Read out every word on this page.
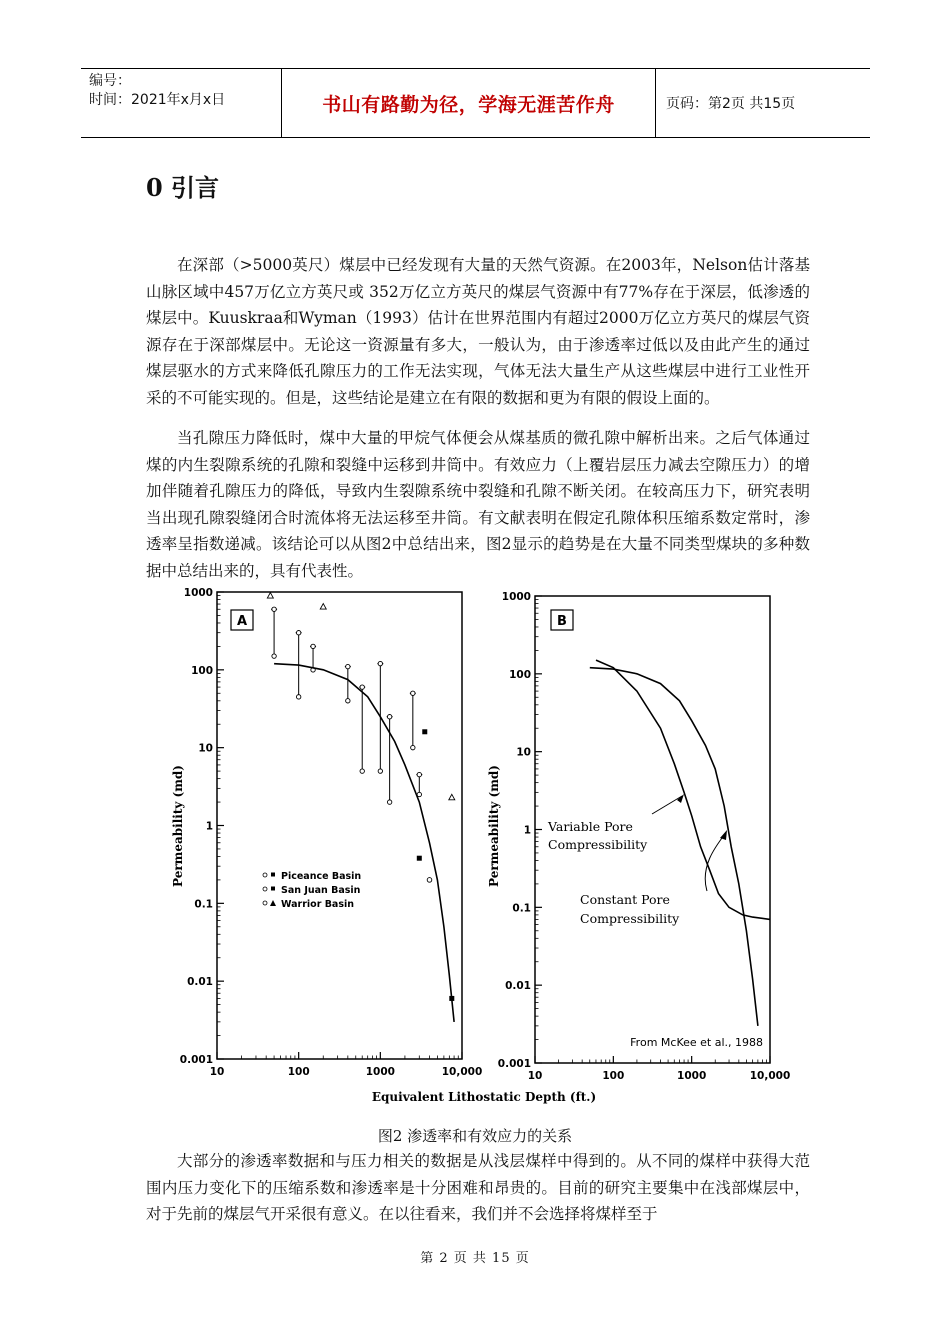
编号：
时间：2021年x月x日	书山有路勤为径，学海无涯苦作舟	页码：第2页 共15页
0 引言

在深部（>5000英尺）煤层中已经发现有大量的天然气资源。在2003年，Nelson估计落基山脉区域中457万亿立方英尺或 352万亿立方英尺的煤层气资源中有77%存在于深层，低渗透的煤层中。Kuuskraa和Wyman（1993）估计在世界范围内有超过2000万亿立方英尺的煤层气资源存在于深部煤层中。无论这一资源量有多大，一般认为，由于渗透率过低以及由此产生的通过煤层驱水的方式来降低孔隙压力的工作无法实现，气体无法大量生产从这些煤层中进行工业性开采的不可能实现的。但是，这些结论是建立在有限的数据和更为有限的假设上面的。

当孔隙压力降低时，煤中大量的甲烷气体便会从煤基质的微孔隙中解析出来。之后气体通过煤的内生裂隙系统的孔隙和裂缝中运移到井筒中。有效应力（上覆岩层压力减去空隙压力）的增加伴随着孔隙压力的降低，导致内生裂隙系统中裂缝和孔隙不断关闭。在较高压力下，研究表明当出现孔隙裂缝闭合时流体将无法运移至井筒。有文献表明在假定孔隙体积压缩系数定常时，渗透率呈指数递减。该结论可以从图2中总结出来，图2显示的趋势是在大量不同类型煤块的多种数据中总结出来的，具有代表性。

A
1000
100
10
1
0.1
0.01
0.001
10	100	1000	10,000
B
1000
100
10
1
0.1
0.01
0.001
10	100	1000	10,000
Permeability (md)	Permeability (md)
Equivalent Lithostatic Depth (ft.)
Piceance Basin
San Juan Basin
Warrior Basin
Variable Pore
Compressibility
Constant Pore
Compressibility
From McKee et al., 1988
图2 渗透率和有效应力的关系

大部分的渗透率数据和与压力相关的数据是从浅层煤样中得到的。从不同的煤样中获得大范围内压力变化下的压缩系数和渗透率是十分困难和昂贵的。目前的研究主要集中在浅部煤层中，对于先前的煤层气开采很有意义。在以往看来，我们并不会选择将煤样至于

第 2 页 共 15 页
